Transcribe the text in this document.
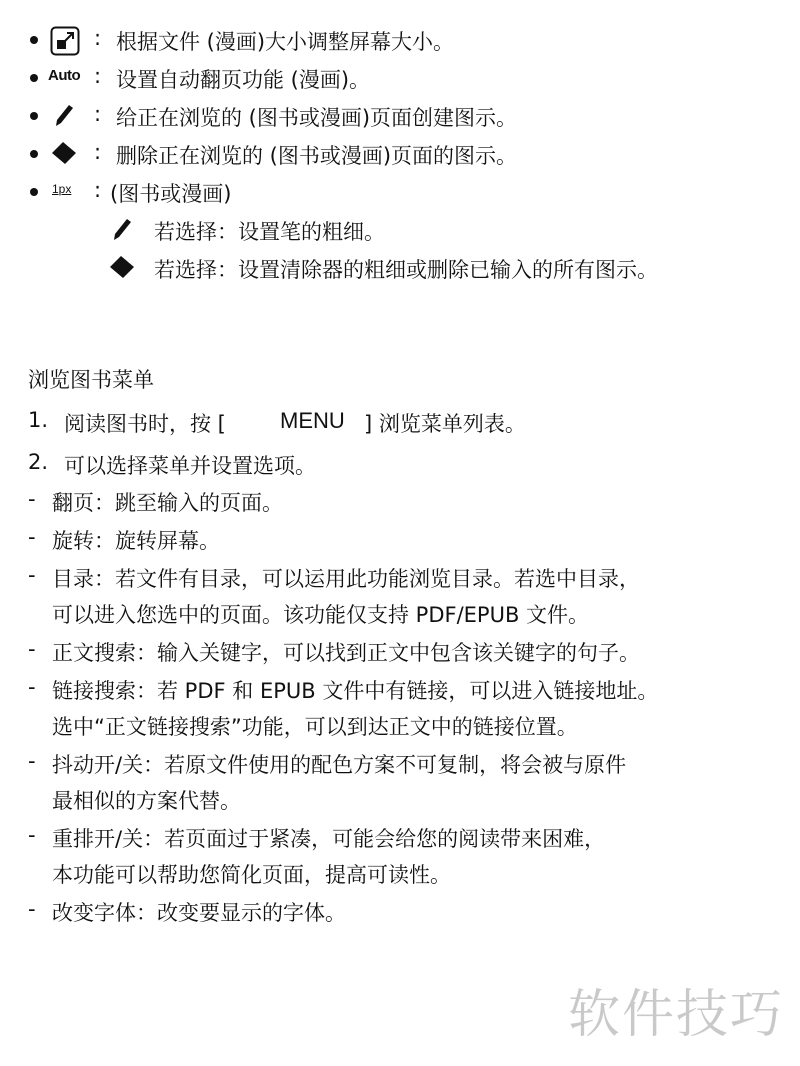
: 根据文件 (漫画)大小调整屏幕大小。
Auto : 设置自动翻页功能 (漫画)。
: 给正在浏览的 (图书或漫画)页面创建图示。
: 删除正在浏览的 (图书或漫画)页面的图示。
1px : (图书或漫画)
若选择：设置笔的粗细。
若选择：设置清除器的粗细或删除已输入的所有图示。
浏览图书菜单
1. 阅读图书时，按 [ MENU ] 浏览菜单列表。
2. 可以选择菜单并设置选项。
- 翻页：跳至输入的页面。
- 旋转：旋转屏幕。
- 目录：若文件有目录，可以运用此功能浏览目录。若选中目录，
可以进入您选中的页面。该功能仅支持 PDF/EPUB 文件。
- 正文搜索：输入关键字，可以找到正文中包含该关键字的句子。
- 链接搜索：若 PDF 和 EPUB 文件中有链接，可以进入链接地址。
选中“正文链接搜索”功能，可以到达正文中的链接位置。
- 抖动开/关：若原文件使用的配色方案不可复制，将会被与原件
最相似的方案代替。
- 重排开/关：若页面过于紧凑，可能会给您的阅读带来困难，
本功能可以帮助您简化页面，提高可读性。
- 改变字体：改变要显示的字体。
软件技巧
